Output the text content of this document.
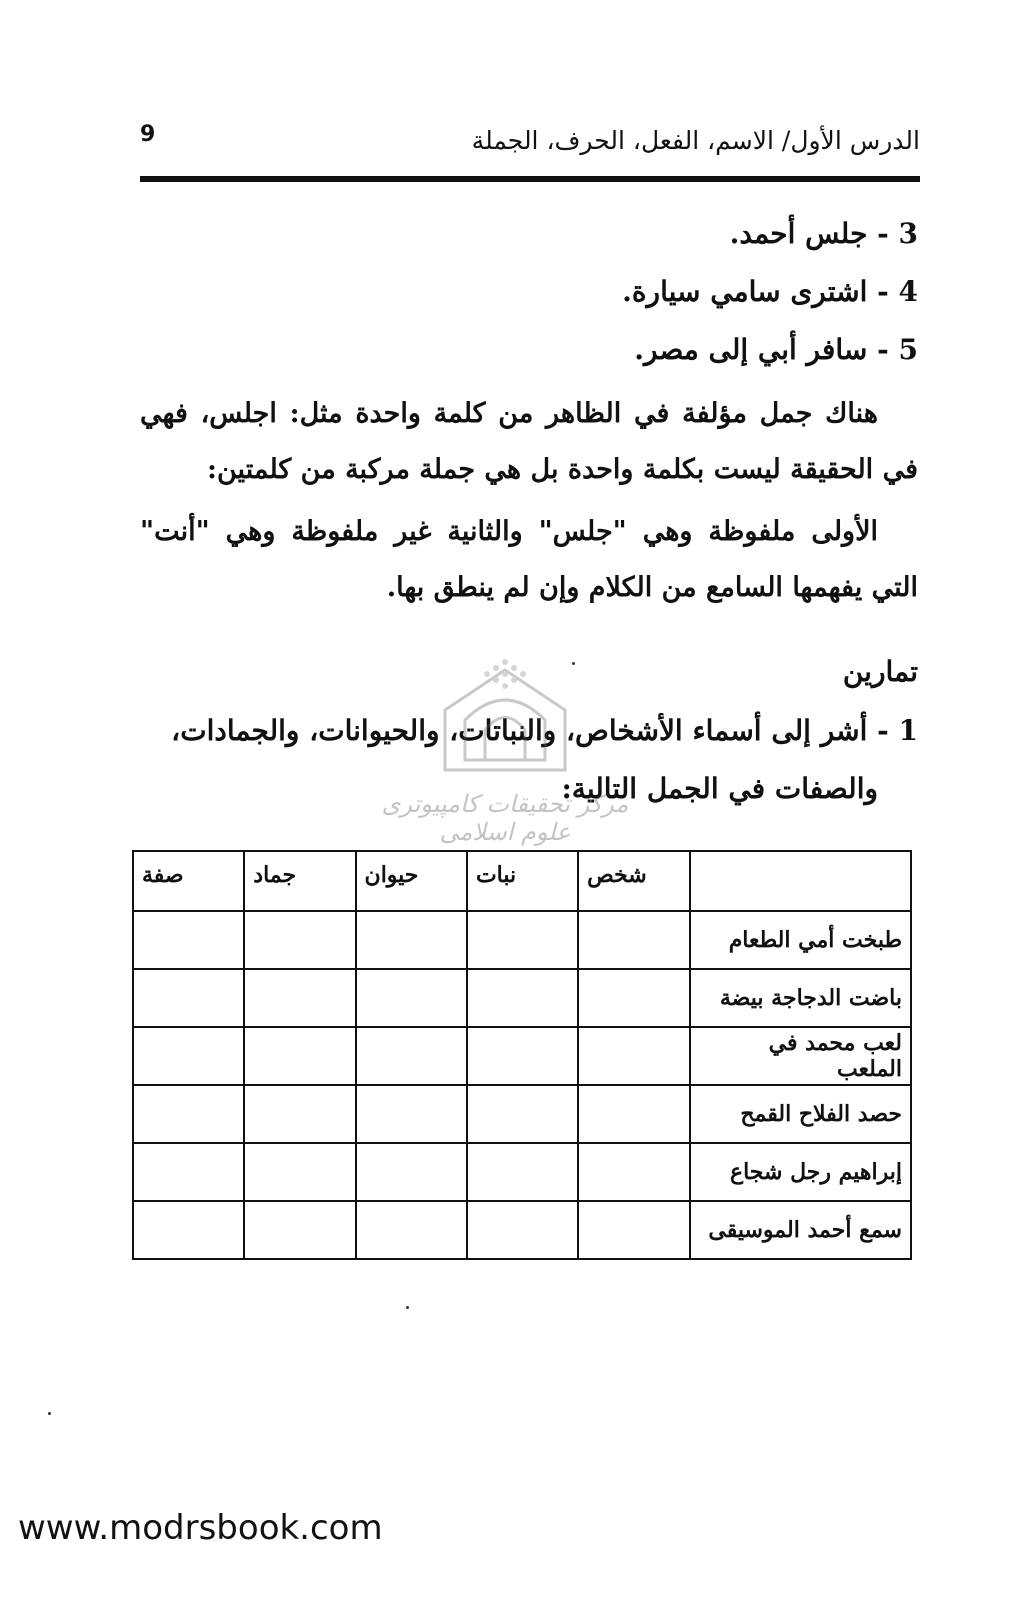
الدرس الأول/ الاسم، الفعل، الحرف، الجملة
9
3 - جلس أحمد.
4 - اشترى سامي سيارة.
5 - سافر أبي إلى مصر.

هناك جمل مؤلفة في الظاهر من كلمة واحدة مثل: اجلس، فهي في الحقيقة ليست بكلمة واحدة بل هي جملة مركبة من كلمتين:

الأولى ملفوظة وهي "جلس" والثانية غير ملفوظة وهي "أنت" التي يفهمها السامع من الكلام وإن لم ينطق بها.

تمارين
1 - أشر إلى أسماء الأشخاص، والنباتات، والحيوانات، والجمادات،
والصفات في الجمل التالية:
مرکز تحقیقات کامپیوتری علوم اسلامی
	شخص	نبات	حيوان	جماد	صفة
طبخت أمي الطعام					
باضت الدجاجة بيضة					
لعب محمد في الملعب					
حصد الفلاح القمح					
إبراهيم رجل شجاع					
سمع أحمد الموسيقى					
www.modrsbook.com
